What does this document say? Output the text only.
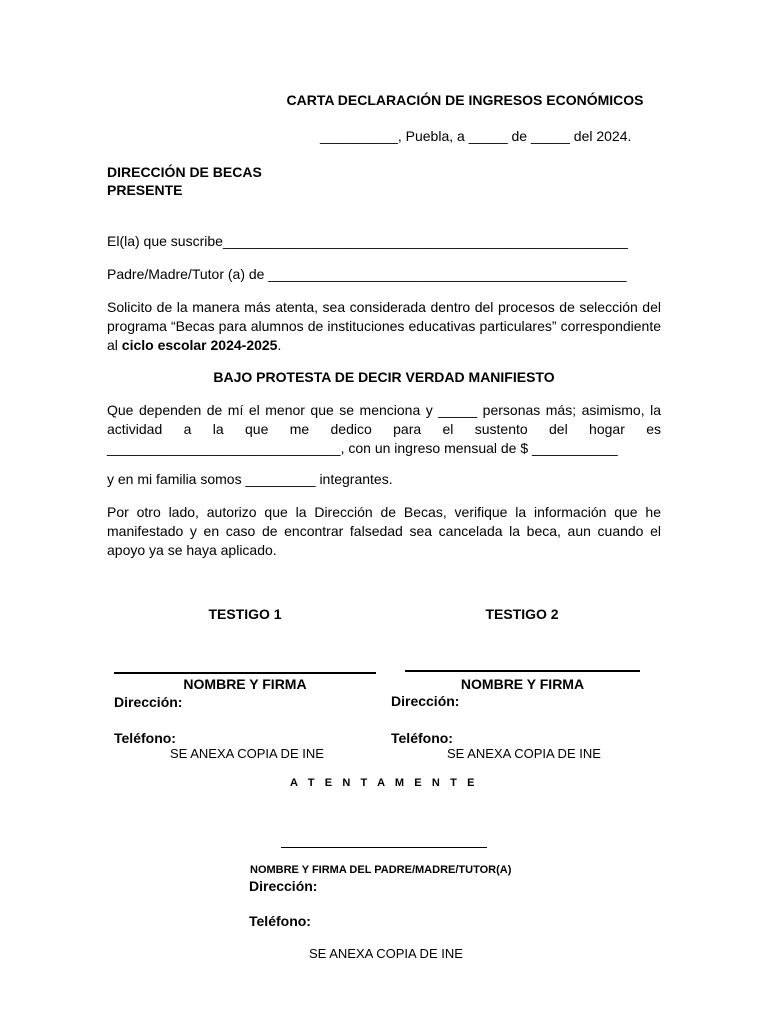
CARTA DECLARACIÓN DE INGRESOS ECONÓMICOS
__________, Puebla, a _____ de _____ del 2024.
DIRECCIÓN DE BECAS
PRESENTE
El(la) que suscribe____________________________________________________
Padre/Madre/Tutor (a) de ______________________________________________
Solicito de la manera más atenta, sea considerada dentro del procesos de selección del programa “Becas para alumnos de instituciones educativas particulares” correspondiente al ciclo escolar 2024-2025.
BAJO PROTESTA DE DECIR VERDAD MANIFIESTO
Que dependen de mí el menor que se menciona y _____ personas más; asimismo, la actividad a la que me dedico para el sustento del hogar es ______________________________, con un ingreso mensual de $ ___________
y en mi familia somos _________ integrantes.
Por otro lado, autorizo que la Dirección de Becas, verifique la información que he manifestado y en caso de encontrar falsedad sea cancelada la beca, aun cuando el apoyo ya se haya aplicado.
TESTIGO 1
NOMBRE Y FIRMA
Dirección:
Teléfono:
SE ANEXA COPIA DE INE
TESTIGO 2
NOMBRE Y FIRMA
Dirección:
Teléfono:
SE ANEXA COPIA DE INE
A T E N T A M E N T E
NOMBRE Y FIRMA DEL PADRE/MADRE/TUTOR(A)
Dirección:
Teléfono:
SE ANEXA COPIA DE INE
